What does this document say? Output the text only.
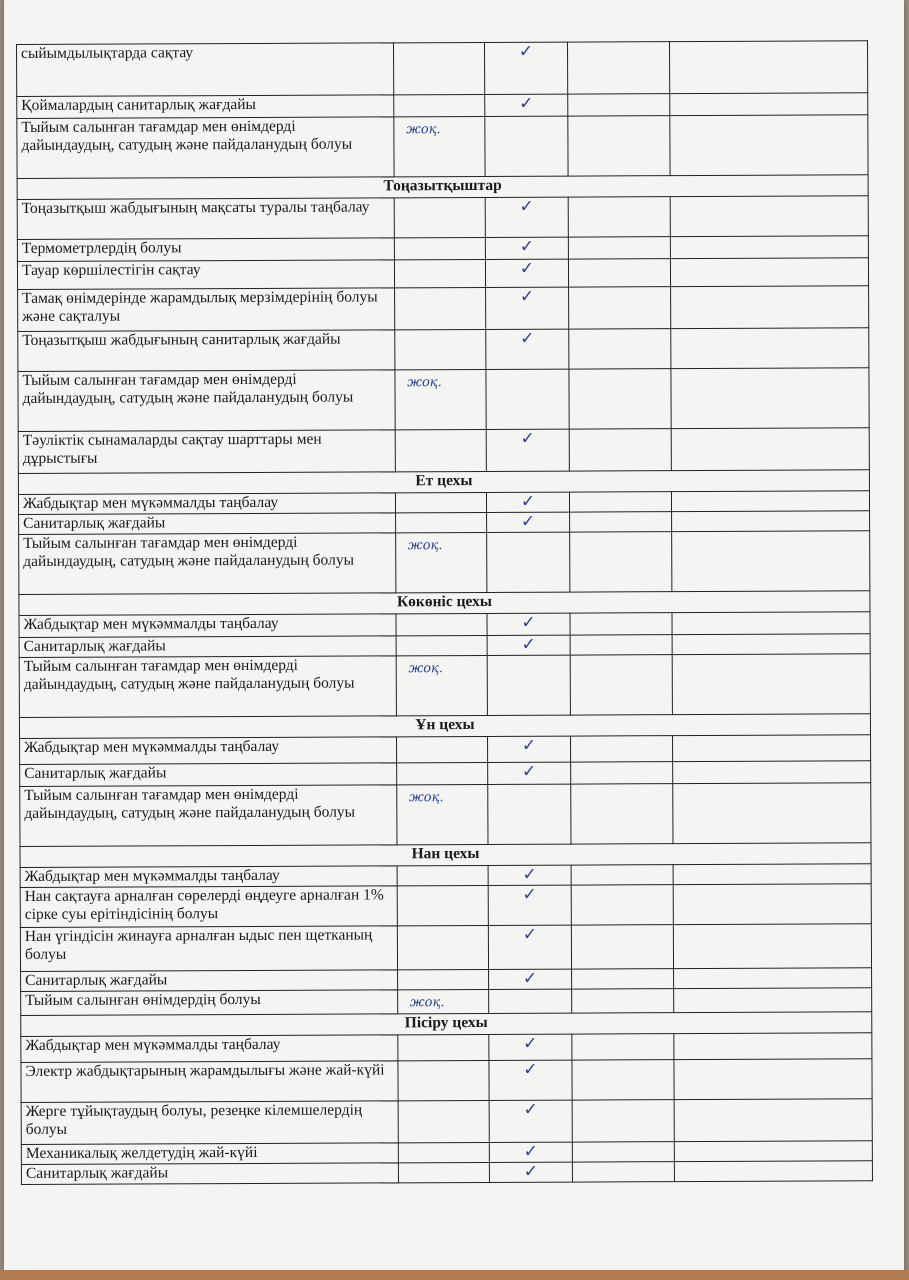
сыйымдылықтарда сақтау		✓		

Қоймалардың санитарлық жағдайы		✓		

Тыйым салынған тағамдар мен өнімдерді дайындаудың, сатудың және пайдаланудың болуы	жоқ.			

Тоңазытқыштар				
Тоңазытқыш жабдығының мақсаты туралы таңбалау		✓		

Термометрлердің болуы		✓		

Тауар көршілестігін сақтау		✓		

Тамақ өнімдерінде жарамдылық мерзімдерінің болуы және сақталуы		✓		

Тоңазытқыш жабдығының санитарлық жағдайы		✓		

Тыйым салынған тағамдар мен өнімдерді дайындаудың, сатудың және пайдаланудың болуы	жоқ.			

Тәуліктік сынамаларды сақтау шарттары мен дұрыстығы		✓		

Ет цехы				
Жабдықтар мен мүкәммалды таңбалау		✓		

Санитарлық жағдайы		✓		

Тыйым салынған тағамдар мен өнімдерді дайындаудың, сатудың және пайдаланудың болуы	жоқ.			

Көкөніс цехы				
Жабдықтар мен мүкәммалды таңбалау		✓		

Санитарлық жағдайы		✓		

Тыйым салынған тағамдар мен өнімдерді дайындаудың, сатудың және пайдаланудың болуы	жоқ.			

Ұн цехы				
Жабдықтар мен мүкәммалды таңбалау		✓		

Санитарлық жағдайы		✓		

Тыйым салынған тағамдар мен өнімдерді дайындаудың, сатудың және пайдаланудың болуы	жоқ.			

Нан цехы				
Жабдықтар мен мүкәммалды таңбалау		✓		

Нан сақтауға арналған сөрелерді өңдеуге арналған 1% сірке суы ерітіндісінің болуы		✓		

Нан үгіндісін жинауға арналған ыдыс пен щетканың болуы		✓		

Санитарлық жағдайы		✓		

Тыйым салынған өнімдердің болуы	жоқ.			

Пісіру цехы				
Жабдықтар мен мүкәммалды таңбалау		✓		

Электр жабдықтарының жарамдылығы және жай-күйі		✓		

Жерге тұйықтаудың болуы, резеңке кілемшелердің болуы		✓		

Механикалық желдетудің жай-күйі		✓		

Санитарлық жағдайы		✓		
